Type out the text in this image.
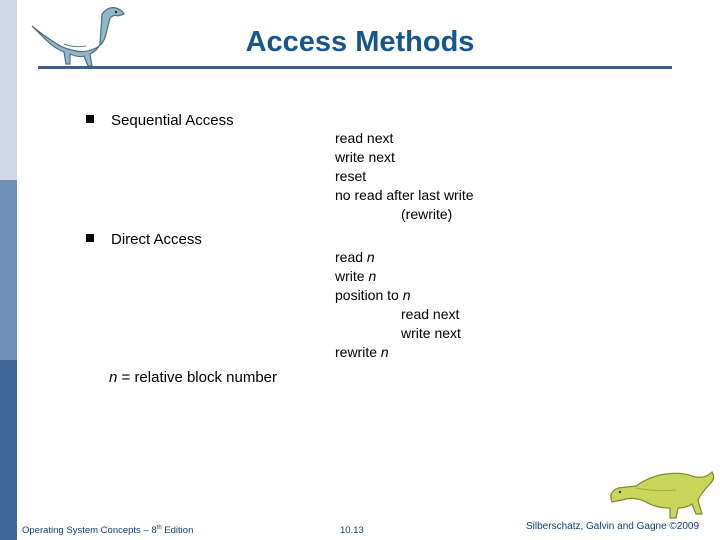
Access Methods
Sequential Access
read next
write next
reset
no read after last write
(rewrite)
Direct Access
read n
write n
position to n
read next
write next
rewrite n
n = relative block number
Operating System Concepts – 8th Edition	10.13	Silberschatz, Galvin and Gagne ©2009
